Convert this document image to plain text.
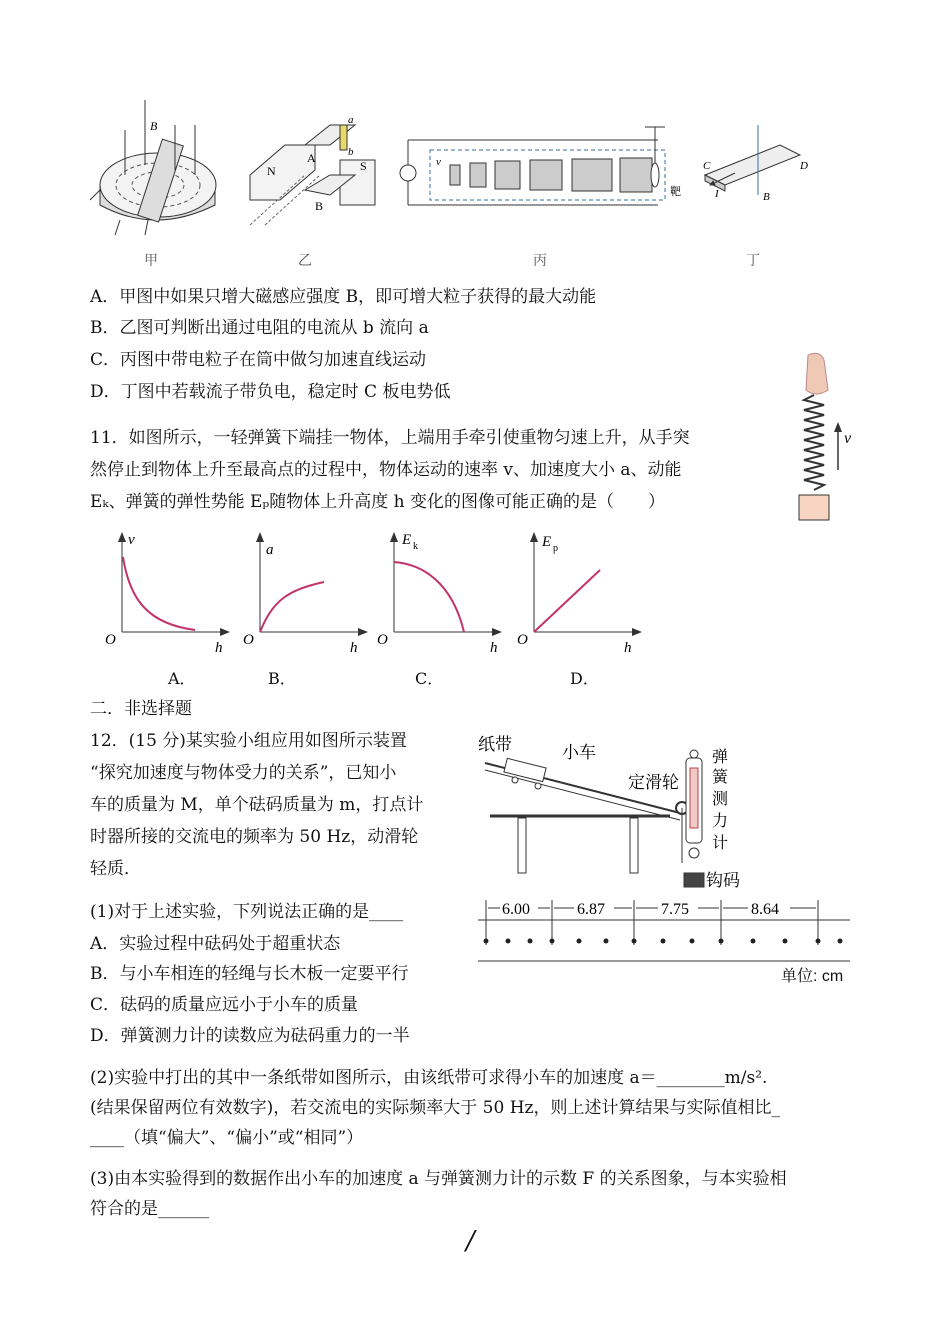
B
甲
N
A
S
B
a
b
乙
v
靶
丙
C	D
I	B
丁
A．甲图中如果只增大磁感应强度 B，即可增大粒子获得的最大动能
B．乙图可判断出通过电阻的电流从 b 流向 a
C．丙图中带电粒子在筒中做匀加速直线运动
D．丁图中若载流子带负电，稳定时 C 板电势低
11．如图所示，一轻弹簧下端挂一物体，上端用手牵引使重物匀速上升，从手突
然停止到物体上升至最高点的过程中，物体运动的速率 v、加速度大小 a、动能
Eₖ、弹簧的弹性势能 Eₚ随物体上升高度 h 变化的图像可能正确的是（　　）
v
v
O	h
A．
a
O	h
B．
E k
O	h
C．
E p
O	h
D．
二．非选择题
12．(15 分)某实验小组应用如图所示装置
“探究加速度与物体受力的关系”，已知小
车的质量为 M，单个砝码质量为 m，打点计
时器所接的交流电的频率为 50 Hz，动滑轮
轻质．
纸带	小车
定滑轮
弹
簧
测
力
计
钩码
6.00	6.87	7.75	8.64
单位: cm
(1)对于上述实验，下列说法正确的是____
A．实验过程中砝码处于超重状态
B．与小车相连的轻绳与长木板一定要平行
C．砝码的质量应远小于小车的质量
D．弹簧测力计的读数应为砝码重力的一半
(2)实验中打出的其中一条纸带如图所示，由该纸带可求得小车的加速度 a＝________m/s².
(结果保留两位有效数字)，若交流电的实际频率大于 50 Hz，则上述计算结果与实际值相比_
____（填“偏大”、“偏小”或“相同”）
(3)由本实验得到的数据作出小车的加速度 a 与弹簧测力计的示数 F 的关系图象，与本实验相
符合的是______
/
